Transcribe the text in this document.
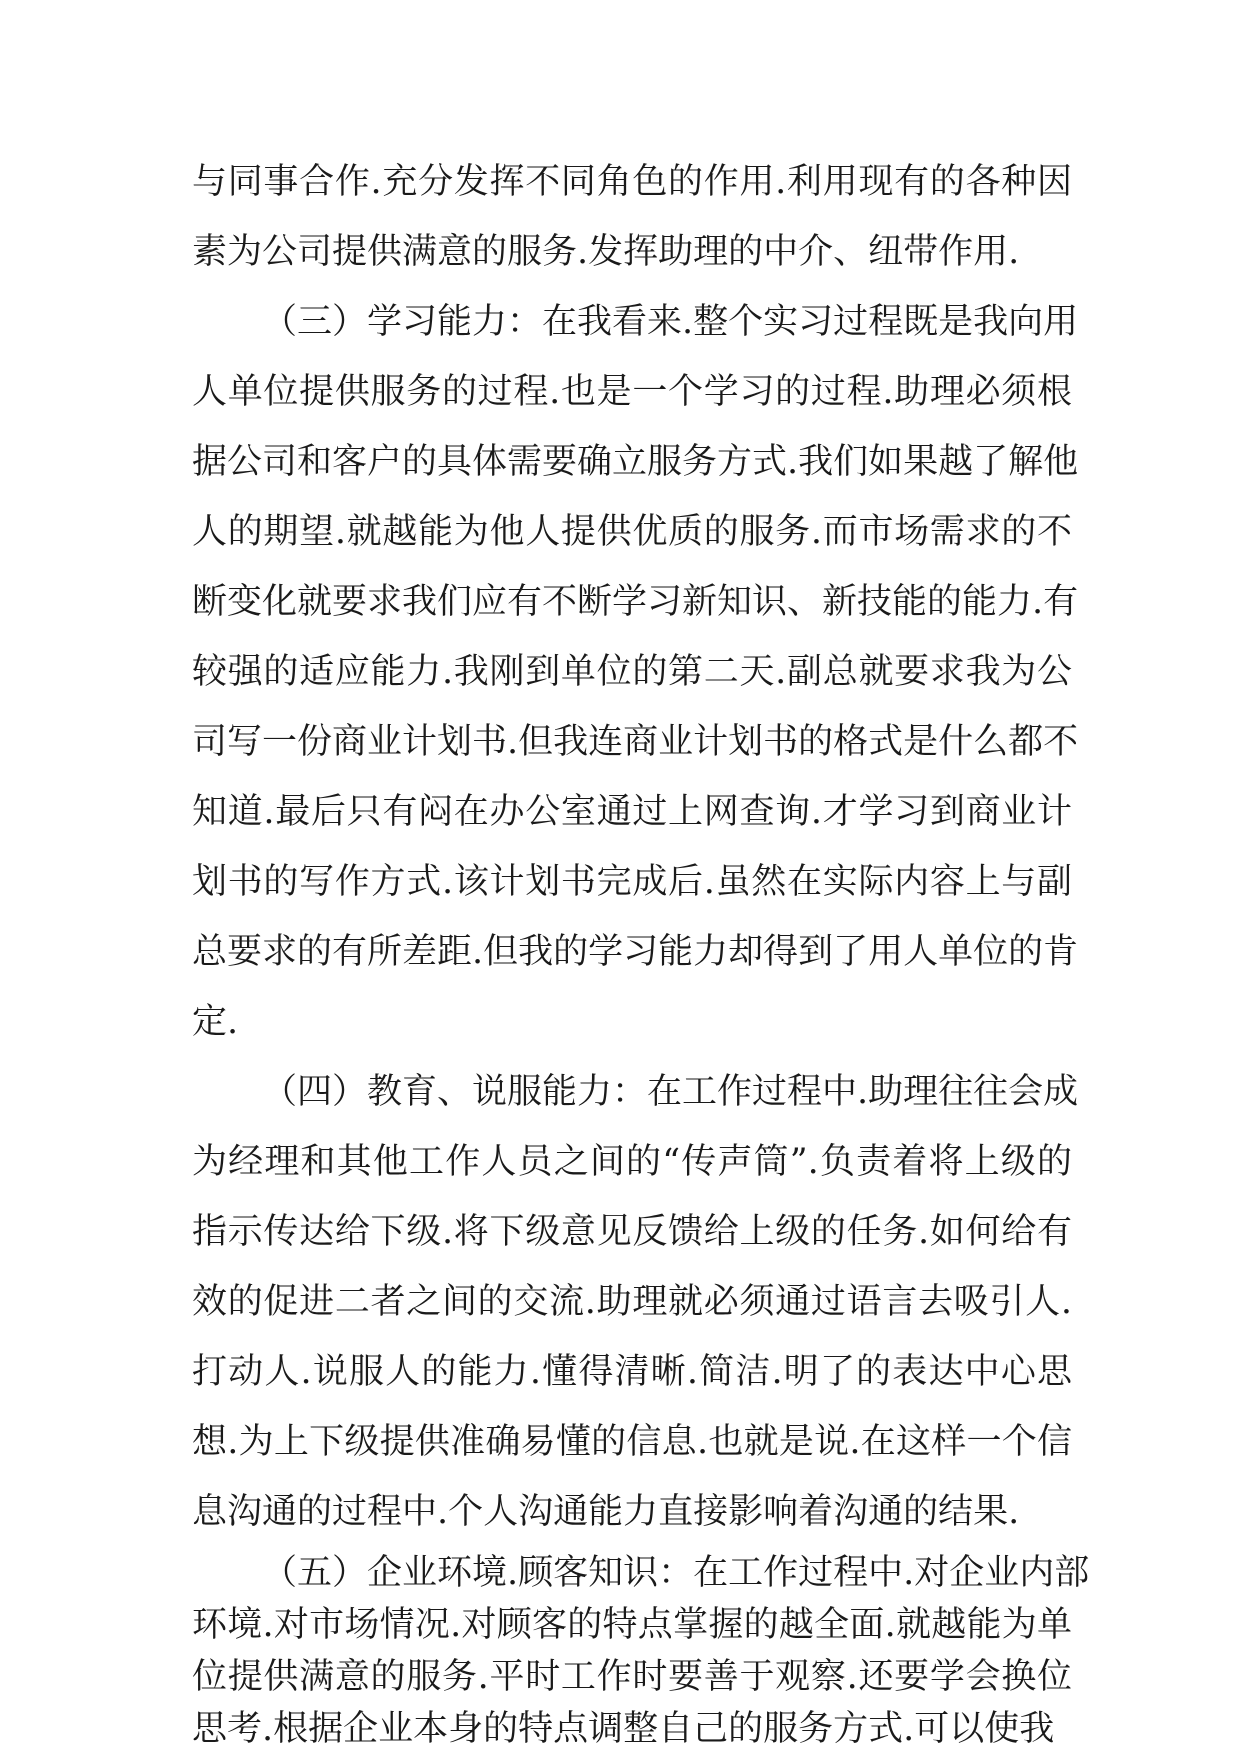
与同事合作.充分发挥不同角色的作用.利用现有的各种因
素为公司提供满意的服务.发挥助理的中介、纽带作用.
（三）学习能力：在我看来.整个实习过程既是我向用
人单位提供服务的过程.也是一个学习的过程.助理必须根
据公司和客户的具体需要确立服务方式.我们如果越了解他
人的期望.就越能为他人提供优质的服务.而市场需求的不
断变化就要求我们应有不断学习新知识、新技能的能力.有
较强的适应能力.我刚到单位的第二天.副总就要求我为公
司写一份商业计划书.但我连商业计划书的格式是什么都不
知道.最后只有闷在办公室通过上网查询.才学习到商业计
划书的写作方式.该计划书完成后.虽然在实际内容上与副
总要求的有所差距.但我的学习能力却得到了用人单位的肯
定.
（四）教育、说服能力：在工作过程中.助理往往会成
为经理和其他工作人员之间的“传声筒”.负责着将上级的
指示传达给下级.将下级意见反馈给上级的任务.如何给有
效的促进二者之间的交流.助理就必须通过语言去吸引人.
打动人.说服人的能力.懂得清晰.简洁.明了的表达中心思
想.为上下级提供准确易懂的信息.也就是说.在这样一个信
息沟通的过程中.个人沟通能力直接影响着沟通的结果.
（五）企业环境.顾客知识：在工作过程中.对企业内部
环境.对市场情况.对顾客的特点掌握的越全面.就越能为单
位提供满意的服务.平时工作时要善于观察.还要学会换位
思考.根据企业本身的特点调整自己的服务方式.可以使我
